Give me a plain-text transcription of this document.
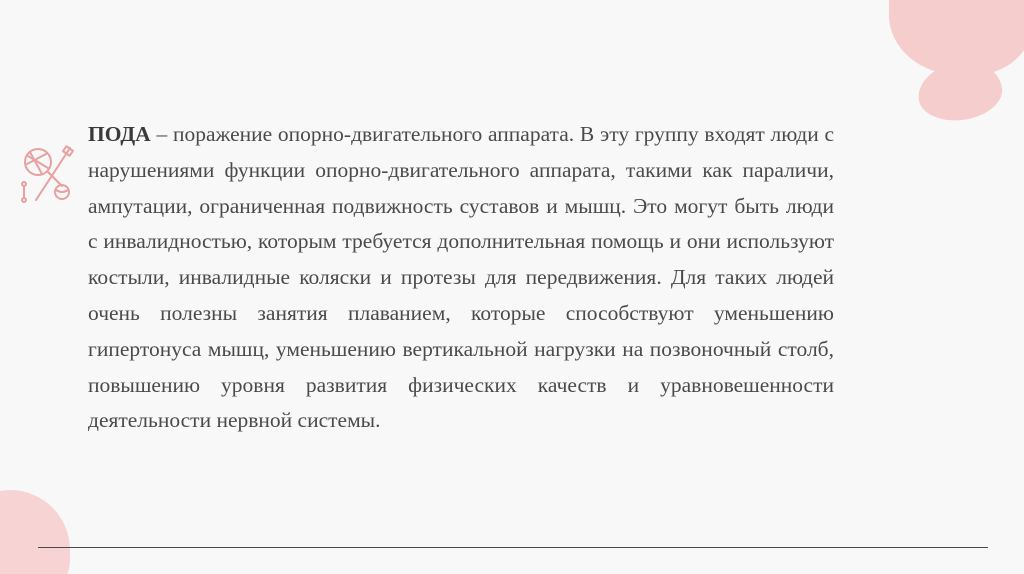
ПОДА – поражение опорно-двигательного аппарата. В эту группу входят люди с нарушениями функции опорно-двигательного аппарата, такими как параличи, ампутации, ограниченная подвижность суставов и мышц. Это могут быть люди с инвалидностью, которым требуется дополнительная помощь и они используют костыли, инвалидные коляски и протезы для передвижения. Для таких людей очень полезны занятия плаванием, которые способствуют уменьшению гипертонуса мышц, уменьшению вертикальной нагрузки на позвоночный столб, повышению уровня развития физических качеств и уравновешенности деятельности нервной системы.
